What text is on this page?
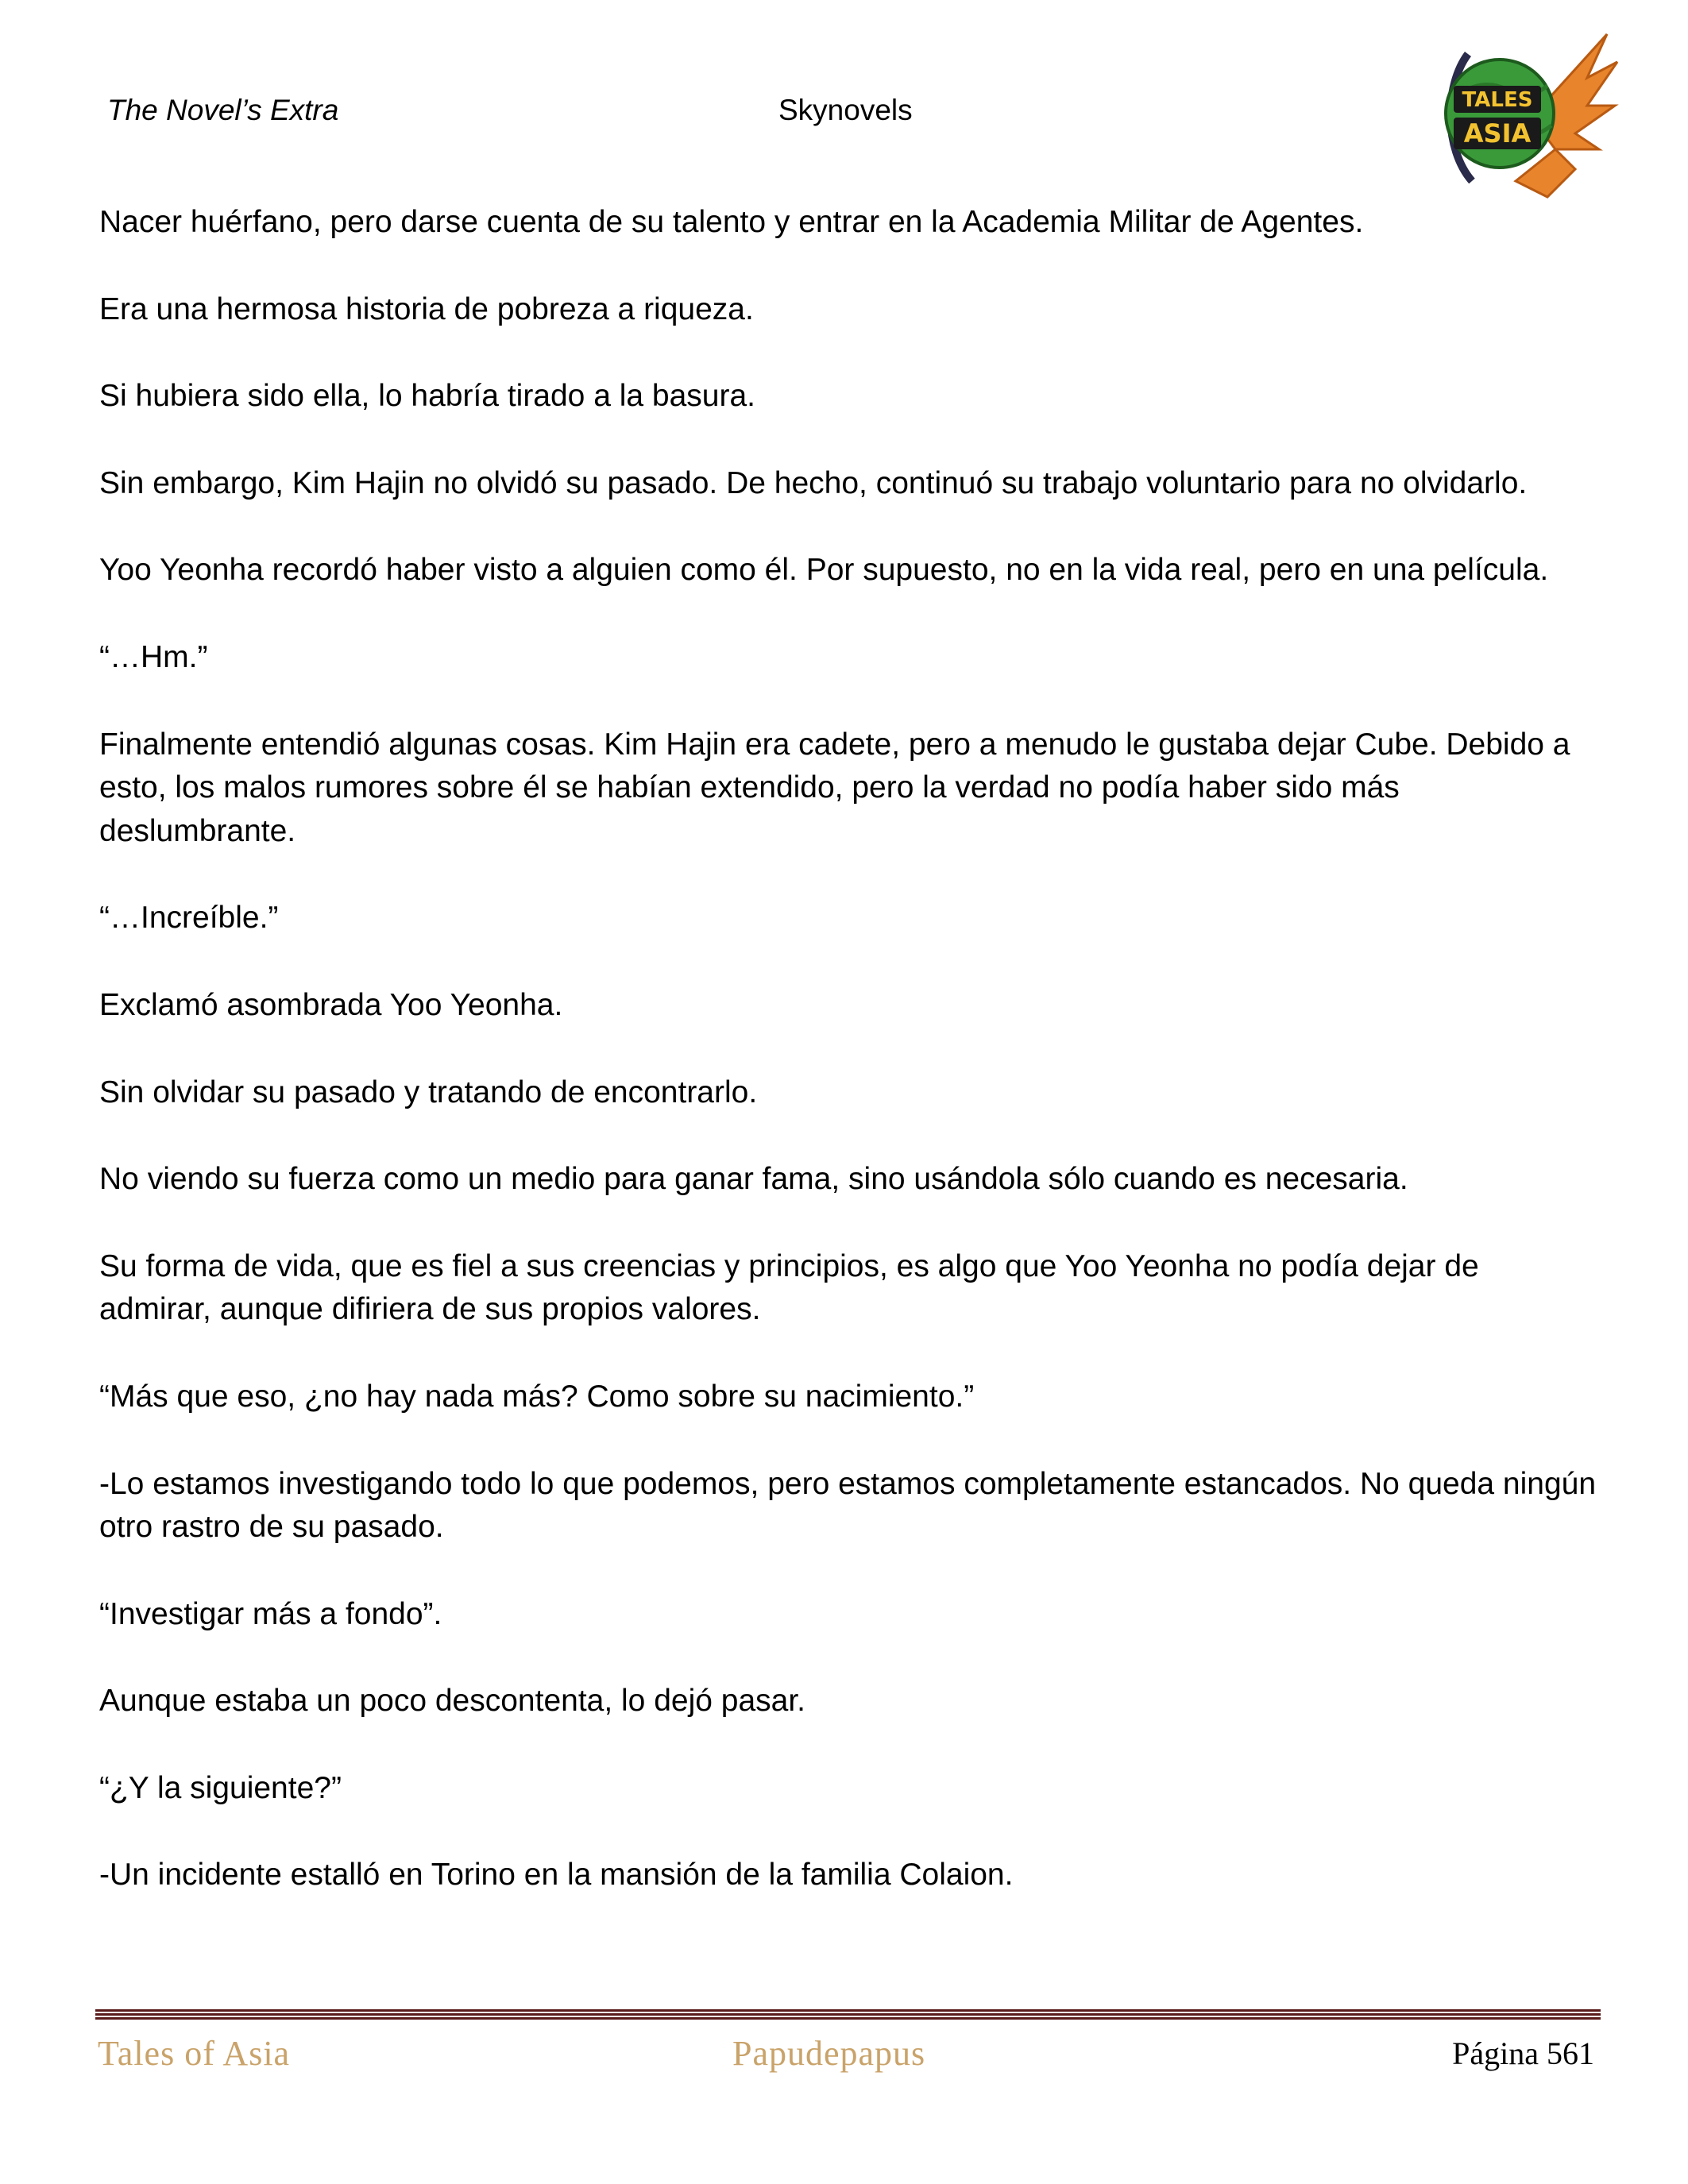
The Novel’s Extra	Skynovels	TALES
ASIA

Nacer huérfano, pero darse cuenta de su talento y entrar en la Academia Militar de Agentes.

Era una hermosa historia de pobreza a riqueza.

Si hubiera sido ella, lo habría tirado a la basura.

Sin embargo, Kim Hajin no olvidó su pasado. De hecho, continuó su trabajo voluntario para no olvidarlo.

Yoo Yeonha recordó haber visto a alguien como él. Por supuesto, no en la vida real, pero en una película.

“…Hm.”

Finalmente entendió algunas cosas. Kim Hajin era cadete, pero a menudo le gustaba dejar Cube. Debido a esto, los malos rumores sobre él se habían extendido, pero la verdad no podía haber sido más deslumbrante.

“…Increíble.”

Exclamó asombrada Yoo Yeonha.

Sin olvidar su pasado y tratando de encontrarlo.

No viendo su fuerza como un medio para ganar fama, sino usándola sólo cuando es necesaria.

Su forma de vida, que es fiel a sus creencias y principios, es algo que Yoo Yeonha no podía dejar de admirar, aunque difiriera de sus propios valores.

“Más que eso, ¿no hay nada más? Como sobre su nacimiento.”

-Lo estamos investigando todo lo que podemos, pero estamos completamente estancados. No queda ningún otro rastro de su pasado.

“Investigar más a fondo”.

Aunque estaba un poco descontenta, lo dejó pasar.

“¿Y la siguiente?”

-Un incidente estalló en Torino en la mansión de la familia Colaion.

Tales of Asia	Papudepapus	Página 561
